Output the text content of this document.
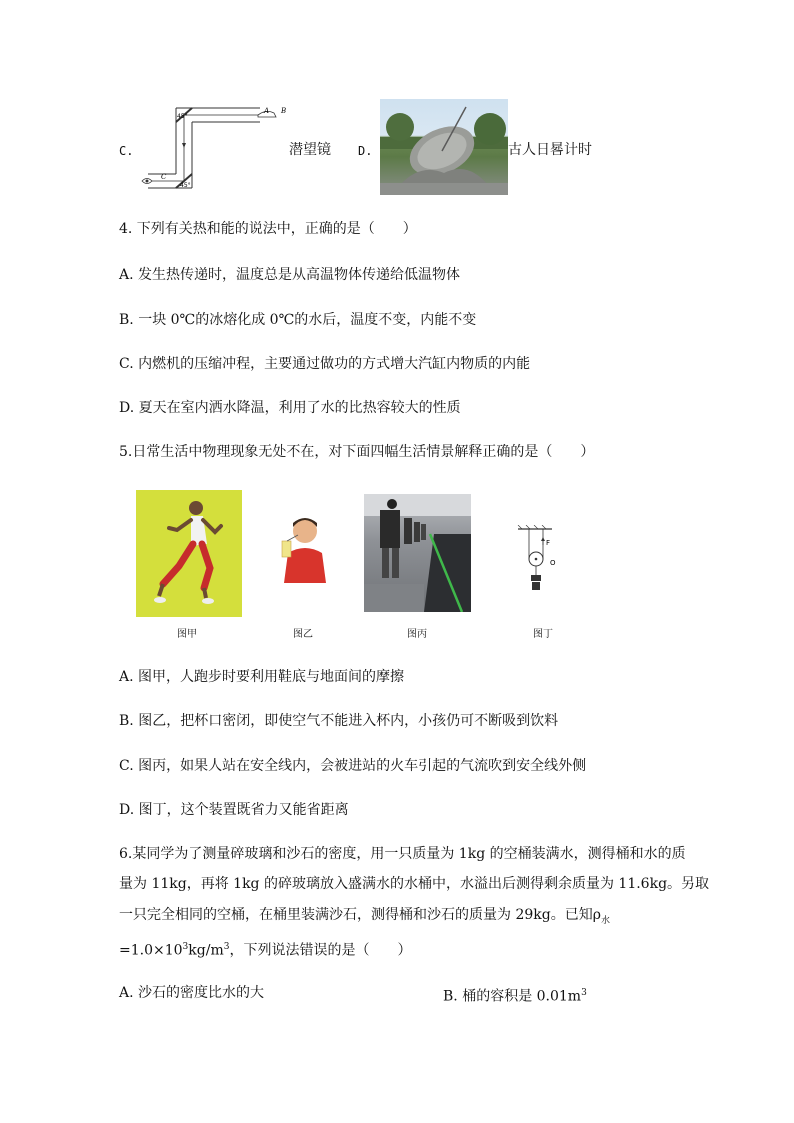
C.
45°
45°
A B
C
潜望镜 D.	古人日晷计时
4. 下列有关热和能的说法中，正确的是（　　）
A. 发生热传递时，温度总是从高温物体传递给低温物体
B. 一块 0℃的冰熔化成 0℃的水后，温度不变，内能不变
C. 内燃机的压缩冲程，主要通过做功的方式增大汽缸内物质的内能
D. 夏天在室内洒水降温，利用了水的比热容较大的性质
5.日常生活中物理现象无处不在，对下面四幅生活情景解释正确的是（　　）
F
O
图甲	图乙	图丙	图丁
A. 图甲，人跑步时要利用鞋底与地面间的摩擦
B. 图乙，把杯口密闭，即使空气不能进入杯内，小孩仍可不断吸到饮料
C. 图丙，如果人站在安全线内，会被进站的火车引起的气流吹到安全线外侧
D. 图丁，这个装置既省力又能省距离
6.某同学为了测量碎玻璃和沙石的密度，用一只质量为 1kg 的空桶装满水，测得桶和水的质
量为 11kg，再将 1kg 的碎玻璃放入盛满水的水桶中，水溢出后测得剩余质量为 11.6kg。另取
一只完全相同的空桶，在桶里装满沙石，测得桶和沙石的质量为 29kg。已知$\rho_水$
$=1.0\times 10^3kg/m^3$，下列说法错误的是（　　）
A. 沙石的密度比水的大	B. 桶的容积是 $0.01m^3$
